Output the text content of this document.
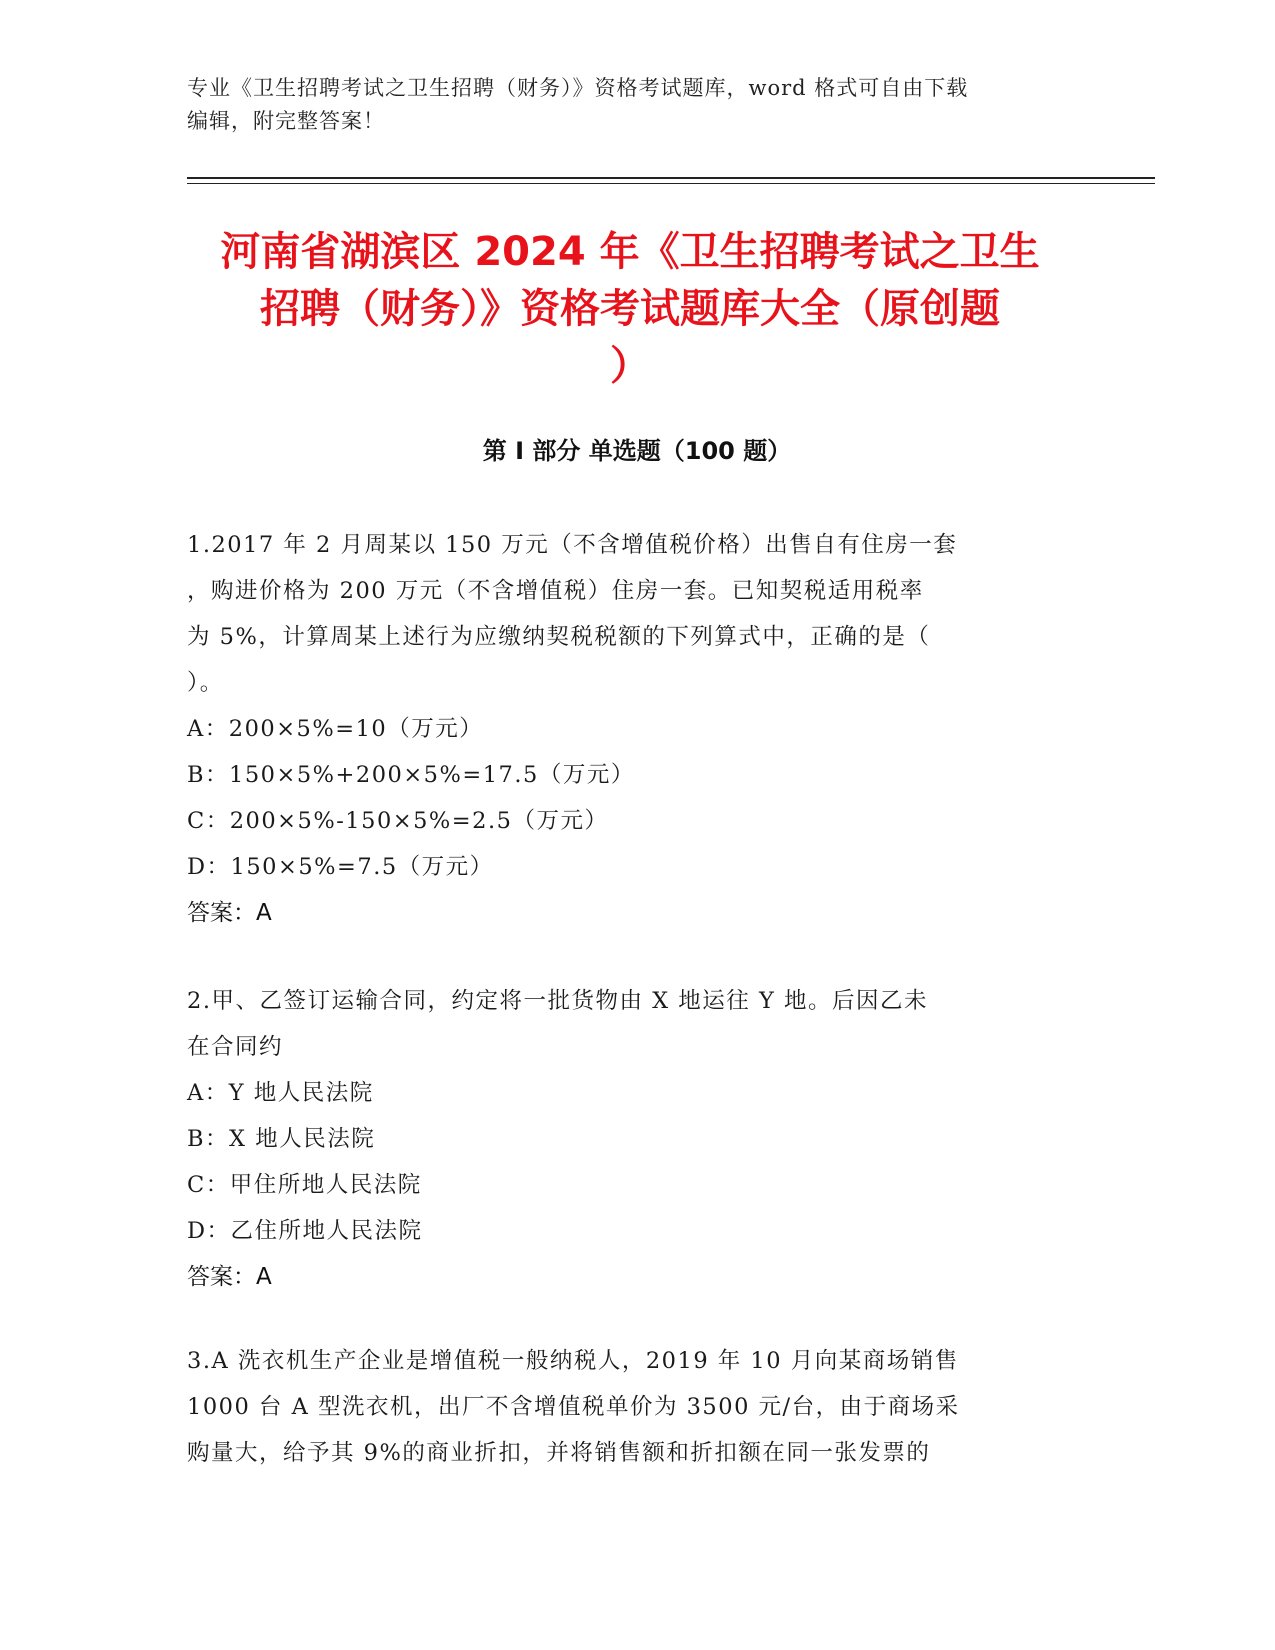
专业《卫生招聘考试之卫生招聘（财务）》资格考试题库，word 格式可自由下载
编辑，附完整答案！
河南省湖滨区 2024 年《卫生招聘考试之卫生
招聘（财务）》资格考试题库大全（原创题
）
第 I 部分 单选题（100 题）

1.2017 年 2 月周某以 150 万元（不含增值税价格）出售自有住房一套

，购进价格为 200 万元（不含增值税）住房一套。已知契税适用税率

为 5%，计算周某上述行为应缴纳契税税额的下列算式中，正确的是（

）。

A：200×5%=10（万元）

B：150×5%+200×5%=17.5（万元）

C：200×5%-150×5%=2.5（万元）

D：150×5%=7.5（万元）

答案：A

2.甲、乙签订运输合同，约定将一批货物由 X 地运往 Y 地。后因乙未

在合同约

A：Y 地人民法院

B：X 地人民法院

C：甲住所地人民法院

D：乙住所地人民法院

答案：A

3.A 洗衣机生产企业是增值税一般纳税人，2019 年 10 月向某商场销售

1000 台 A 型洗衣机，出厂不含增值税单价为 3500 元/台，由于商场采

购量大，给予其 9%的商业折扣，并将销售额和折扣额在同一张发票的
